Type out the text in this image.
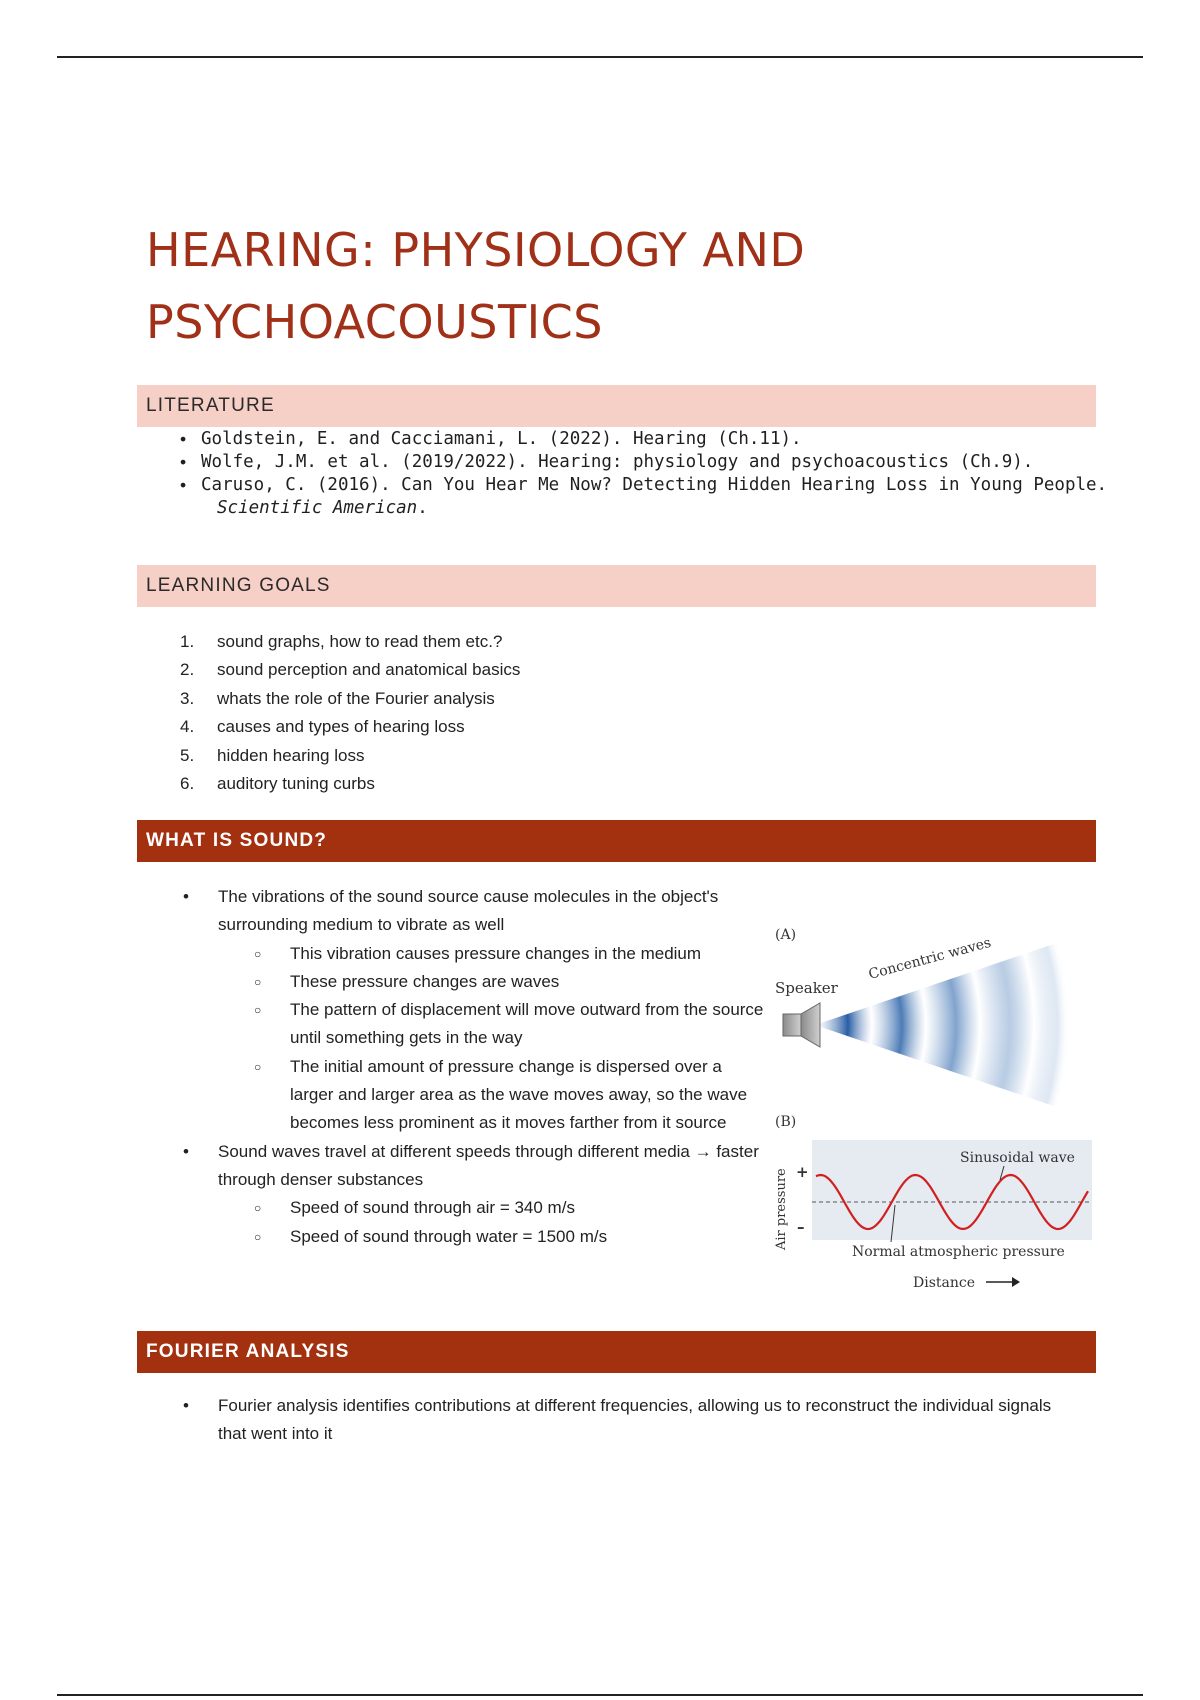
HEARING: PHYSIOLOGY AND
PSYCHOACOUSTICS
LITERATURE
• Goldstein, E. and Cacciamani, L. (2022). Hearing (Ch.11).
• Wolfe, J.M. et al. (2019/2022). Hearing: physiology and psychoacoustics (Ch.9).
• Caruso, C. (2016). Can You Hear Me Now? Detecting Hidden Hearing Loss in Young People.
Scientific American.
LEARNING GOALS
1. sound graphs, how to read them etc.?
2. sound perception and anatomical basics
3. whats the role of the Fourier analysis
4. causes and types of hearing loss
5. hidden hearing loss
6. auditory tuning curbs
WHAT IS SOUND?
• The vibrations of the sound source cause molecules in the object's surrounding medium to vibrate as well
○ This vibration causes pressure changes in the medium
○ These pressure changes are waves
○ The pattern of displacement will move outward from the source until something gets in the way
○ The initial amount of pressure change is dispersed over a larger and larger area as the wave moves away, so the wave becomes less prominent as it moves farther from it source
• Sound waves travel at different speeds through different media → faster through denser substances
○ Speed of sound through air = 340 m/s
○ Speed of sound through water = 1500 m/s
(A)
Speaker
Concentric waves
(B)
Air pressure +
–
Sinusoidal wave
Normal atmospheric pressure
Distance
FOURIER ANALYSIS
• Fourier analysis identifies contributions at different frequencies, allowing us to reconstruct the individual signals that went into it
